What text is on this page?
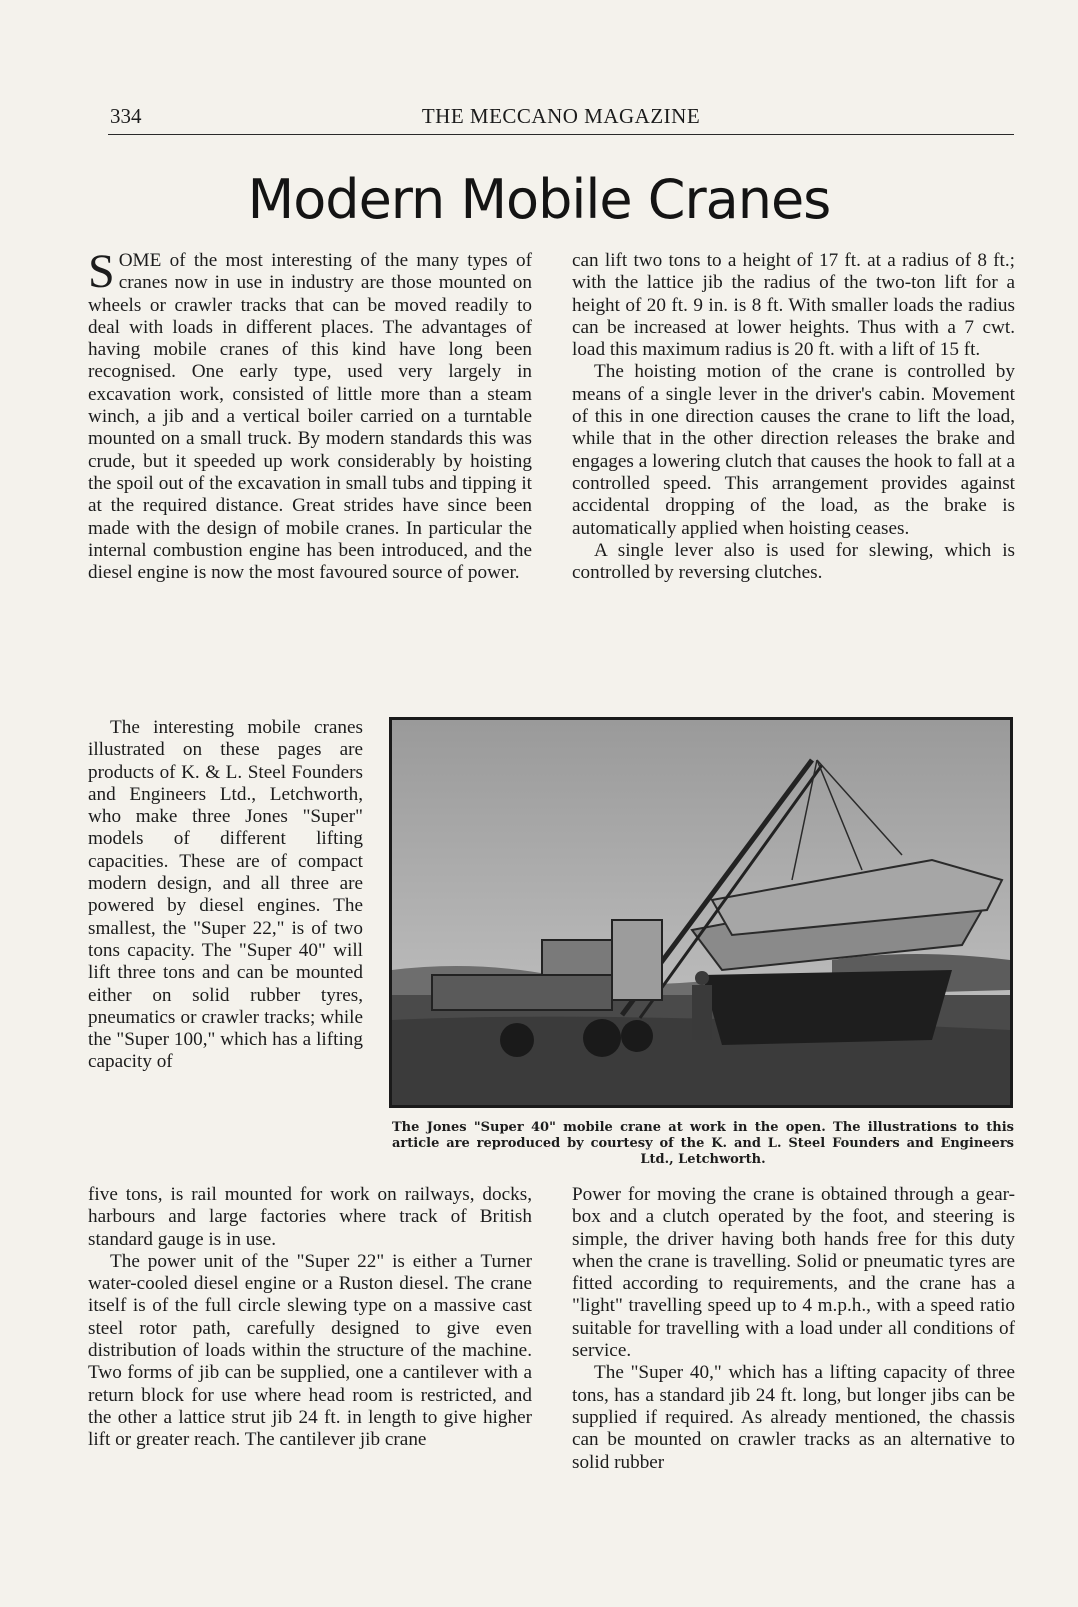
334	THE MECCANO MAGAZINE
Modern Mobile Cranes

SOME of the most interesting of the many types of cranes now in use in industry are those mounted on wheels or crawler tracks that can be moved readily to deal with loads in different places. The advantages of having mobile cranes of this kind have long been recognised. One early type, used very largely in excavation work, consisted of little more than a steam winch, a jib and a vertical boiler carried on a turntable mounted on a small truck. By modern standards this was crude, but it speeded up work considerably by hoisting the spoil out of the excavation in small tubs and tipping it at the required distance. Great strides have since been made with the design of mobile cranes. In particular the internal combustion engine has been introduced, and the diesel engine is now the most favoured source of power.

The interesting mobile cranes illustrated on these pages are products of K. & L. Steel Founders and Engineers Ltd., Letchworth, who make three Jones "Super" models of different lifting capacities. These are of compact modern design, and all three are powered by diesel engines. The smallest, the "Super 22," is of two tons capacity. The "Super 40" will lift three tons and can be mounted either on solid rubber tyres, pneumatics or crawler tracks; while the "Super 100," which has a lifting capacity of

five tons, is rail mounted for work on railways, docks, harbours and large factories where track of British standard gauge is in use.

The power unit of the "Super 22" is either a Turner water-cooled diesel engine or a Ruston diesel. The crane itself is of the full circle slewing type on a massive cast steel rotor path, carefully designed to give even distribution of loads within the structure of the machine. Two forms of jib can be supplied, one a cantilever with a return block for use where head room is restricted, and the other a lattice strut jib 24 ft. in length to give higher lift or greater reach. The cantilever jib crane

can lift two tons to a height of 17 ft. at a radius of 8 ft.; with the lattice jib the radius of the two-ton lift for a height of 20 ft. 9 in. is 8 ft. With smaller loads the radius can be increased at lower heights. Thus with a 7 cwt. load this maximum radius is 20 ft. with a lift of 15 ft.

The hoisting motion of the crane is controlled by means of a single lever in the driver's cabin. Movement of this in one direction causes the crane to lift the load, while that in the other direction releases the brake and engages a lowering clutch that causes the hook to fall at a controlled speed. This arrangement provides against accidental dropping of the load, as the brake is automatically applied when hoisting ceases.

A single lever also is used for slewing, which is controlled by reversing clutches.

The Jones "Super 40" mobile crane at work in the open. The illustrations to this article are reproduced by courtesy of the K. and L. Steel Founders and Engineers Ltd., Letchworth.

Power for moving the crane is obtained through a gear-box and a clutch operated by the foot, and steering is simple, the driver having both hands free for this duty when the crane is travelling. Solid or pneumatic tyres are fitted according to requirements, and the crane has a "light" travelling speed up to 4 m.p.h., with a speed ratio suitable for travelling with a load under all conditions of service.

The "Super 40," which has a lifting capacity of three tons, has a standard jib 24 ft. long, but longer jibs can be supplied if required. As already mentioned, the chassis can be mounted on crawler tracks as an alternative to solid rubber
